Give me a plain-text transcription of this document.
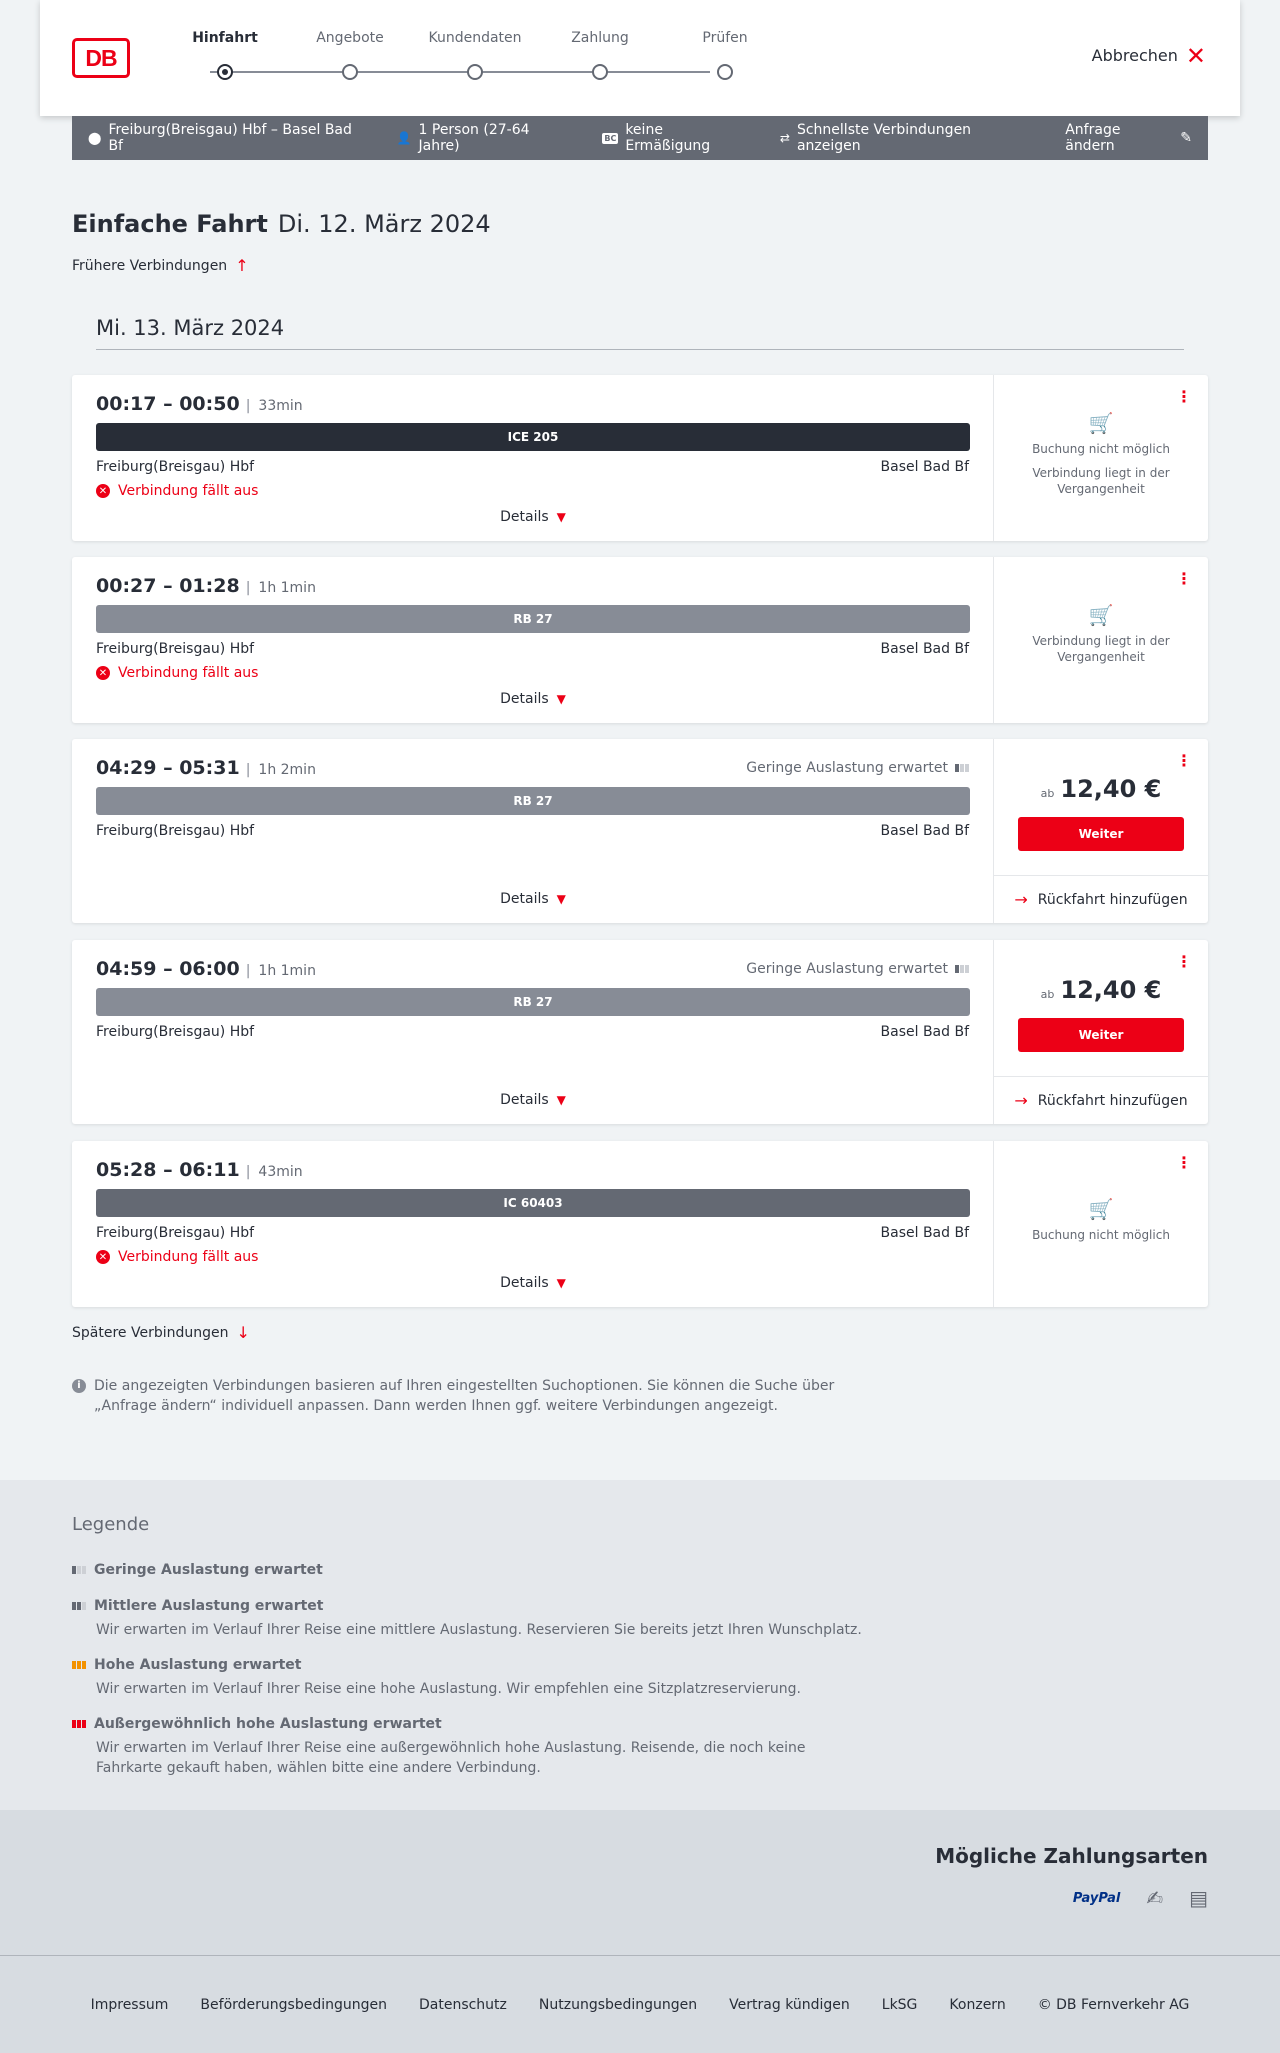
DB
Hinfahrt	Angebote	Kundendaten	Zahlung	Prüfen
Abbrechen ✕
⬤ Freiburg(Breisgau) Hbf – Basel Bad Bf	👤 1 Person (27-64 Jahre)	BC keine Ermäßigung	⇄ Schnellste Verbindungen anzeigen
Anfrage ändern	✎
Einfache Fahrt Di. 12. März 2024
Frühere Verbindungen ↑
Mi. 13. März 2024
00:17 – 00:50 | 33min
ICE 205
Freiburg(Breisgau) Hbf	Basel Bad Bf
✕ Verbindung fällt aus
Details ▼
⋮
🛒
Buchung nicht möglich
Verbindung liegt in der Vergangenheit
00:27 – 01:28 | 1h 1min
RB 27
Freiburg(Breisgau) Hbf	Basel Bad Bf
✕ Verbindung fällt aus
Details ▼
⋮
🛒
Verbindung liegt in der Vergangenheit
04:29 – 05:31 | 1h 2min	Geringe Auslastung erwartet
RB 27
Freiburg(Breisgau) Hbf	Basel Bad Bf
Details ▼
⋮
ab 12,40 €
Weiter
→ Rückfahrt hinzufügen
04:59 – 06:00 | 1h 1min	Geringe Auslastung erwartet
RB 27
Freiburg(Breisgau) Hbf	Basel Bad Bf
Details ▼
⋮
ab 12,40 €
Weiter
→ Rückfahrt hinzufügen
05:28 – 06:11 | 43min
IC 60403
Freiburg(Breisgau) Hbf	Basel Bad Bf
✕ Verbindung fällt aus
Details ▼
⋮
🛒
Buchung nicht möglich
Spätere Verbindungen ↓
i Die angezeigten Verbindungen basieren auf Ihren eingestellten Suchoptionen. Sie können die Suche über „Anfrage ändern“ individuell anpassen. Dann werden Ihnen ggf. weitere Verbindungen angezeigt.
Legende
Geringe Auslastung erwartet
Mittlere Auslastung erwartet
Wir erwarten im Verlauf Ihrer Reise eine mittlere Auslastung. Reservieren Sie bereits jetzt Ihren Wunschplatz.
Hohe Auslastung erwartet
Wir erwarten im Verlauf Ihrer Reise eine hohe Auslastung. Wir empfehlen eine Sitzplatzreservierung.
Außergewöhnlich hohe Auslastung erwartet
Wir erwarten im Verlauf Ihrer Reise eine außergewöhnlich hohe Auslastung. Reisende, die noch keine Fahrkarte gekauft haben, wählen bitte eine andere Verbindung.
Mögliche Zahlungsarten
PayPal ✍ ▤
Impressum Beförderungsbedingungen Datenschutz Nutzungsbedingungen Vertrag kündigen LkSG Konzern © DB Fernverkehr AG
